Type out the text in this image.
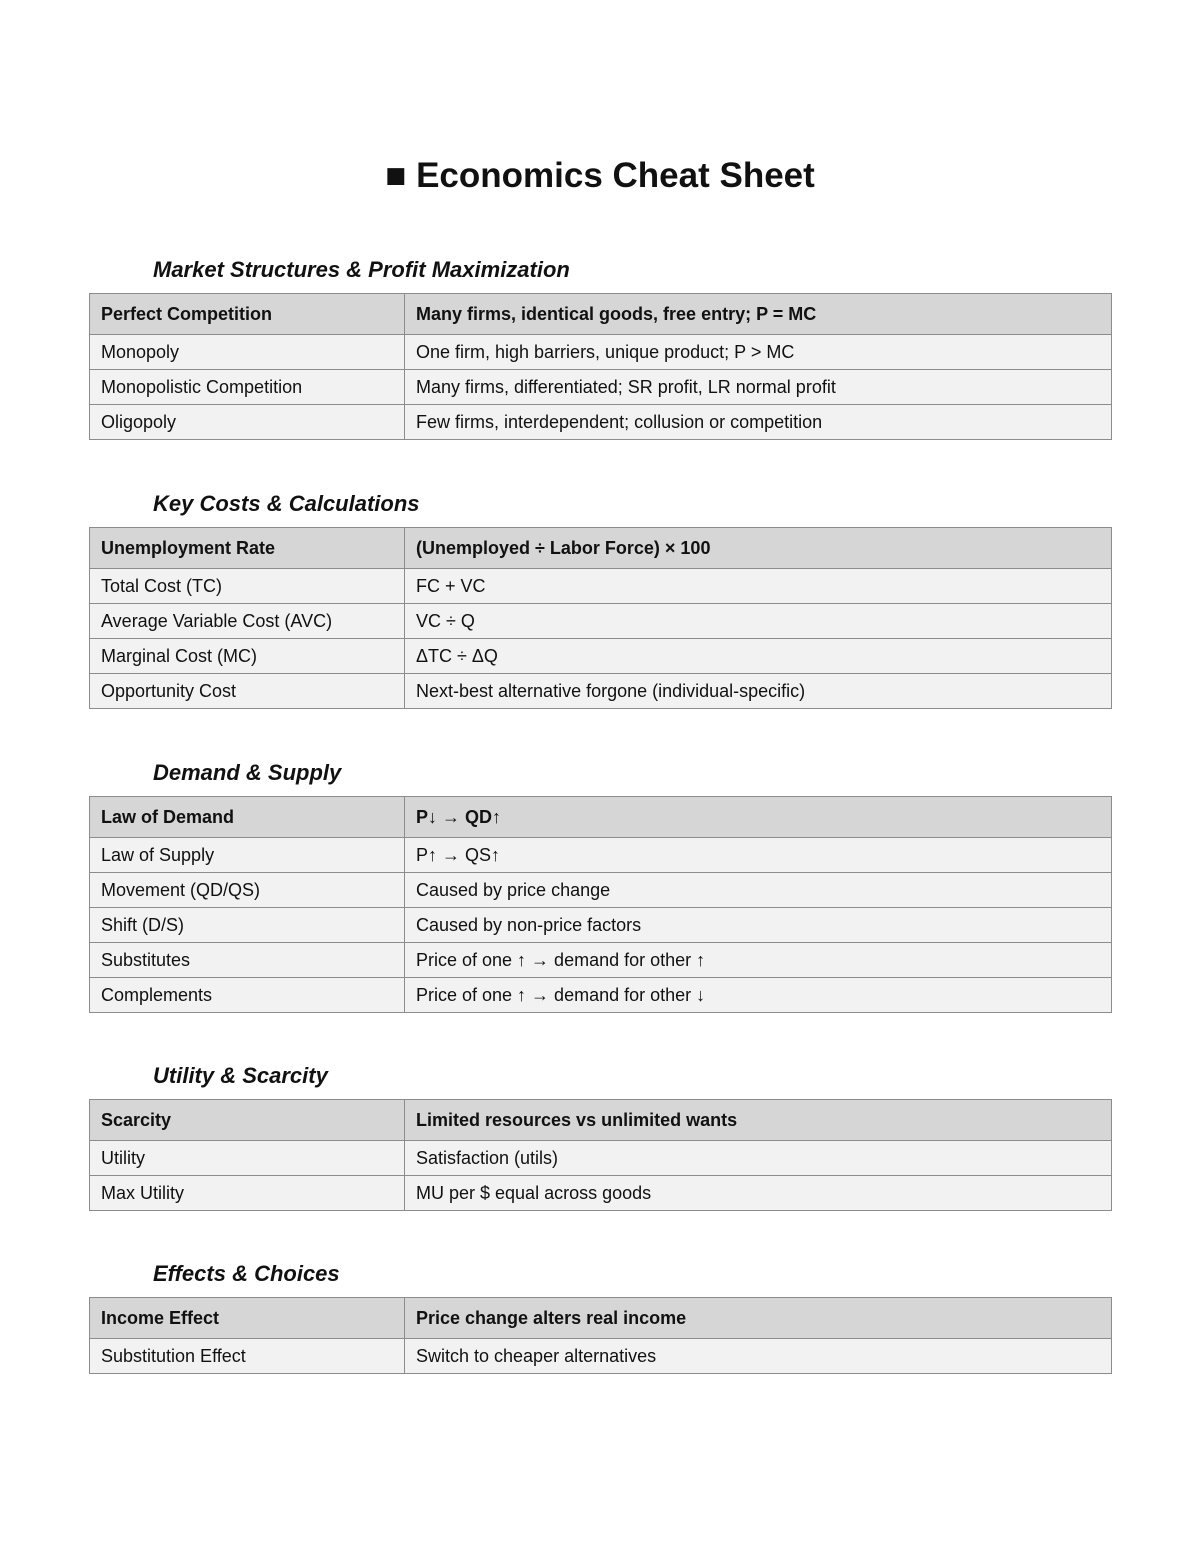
■ Economics Cheat Sheet
Market Structures & Profit Maximization
Perfect Competition	Many firms, identical goods, free entry; P = MC
Monopoly	One firm, high barriers, unique product; P > MC
Monopolistic Competition	Many firms, differentiated; SR profit, LR normal profit
Oligopoly	Few firms, interdependent; collusion or competition
Key Costs & Calculations
Unemployment Rate	(Unemployed ÷ Labor Force) × 100
Total Cost (TC)	FC + VC
Average Variable Cost (AVC)	VC ÷ Q
Marginal Cost (MC)	ΔTC ÷ ΔQ
Opportunity Cost	Next-best alternative forgone (individual-specific)
Demand & Supply
Law of Demand	P↓ → QD↑
Law of Supply	P↑ → QS↑
Movement (QD/QS)	Caused by price change
Shift (D/S)	Caused by non-price factors
Substitutes	Price of one ↑ → demand for other ↑
Complements	Price of one ↑ → demand for other ↓
Utility & Scarcity
Scarcity	Limited resources vs unlimited wants
Utility	Satisfaction (utils)
Max Utility	MU per $ equal across goods
Effects & Choices
Income Effect	Price change alters real income
Substitution Effect	Switch to cheaper alternatives
